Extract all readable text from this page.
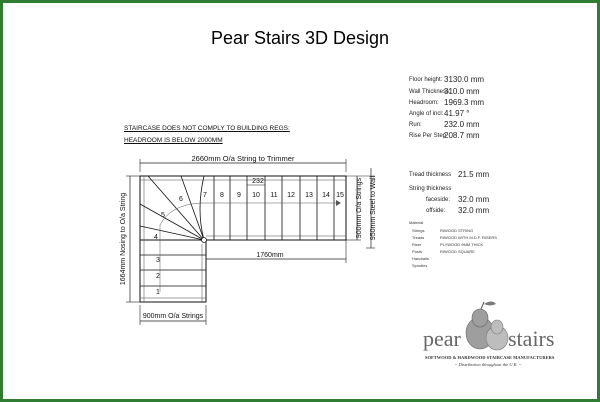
Pear Stairs 3D Design
Floor height: 3130.0 mm
Wall Thickness:
310.0 mm
Headroom: 1969.3 mm
Angle of incl: 41.97 °
Run:	232.0 mm
Rise Per Step
208.7 mm
Tread thickness 21.5 mm
String thickness
faceside: 32.0 mm
offside: 32.0 mm
Material
Strings	RIWOOD STRING
Treads	RIWOOD WITH M.D.F. RISERS
Riser	PLYWOOD 9MM THICK
Posts	RIWOOD SQUARE
Handrails
Spindles
STAIRCASE DOES NOT COMPLY TO BUILDING REGS:
HEADROOM IS BELOW 2000MM
2660mm O/a String to Trimmer
1664mm Nosing to O/a String	900mm O/a Strings 950mm Steel to Wall
900mm O/a Strings
1760mm
232
1
2
3
4
5
6
7 8 9 10 11 12 13 14 15
pear stairs
SOFTWOOD & HARDWOOD STAIRCASE MANUFACTURERS
~ Distribution throughout the U.K. ~
